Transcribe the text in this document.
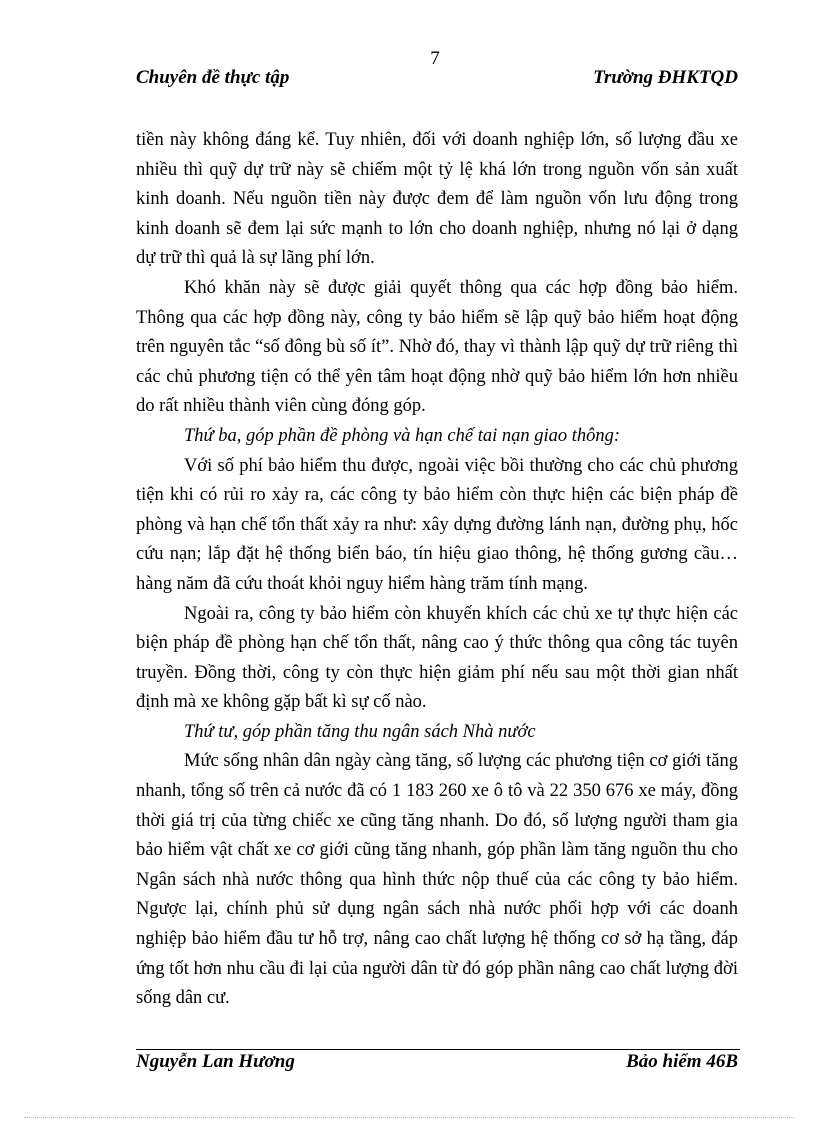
7
Chuyên đề thực tập	Trường ĐHKTQD

tiền này không đáng kể. Tuy nhiên, đối với doanh nghiệp lớn, số lượng đầu xe nhiều thì quỹ dự trữ này sẽ chiếm một tỷ lệ khá lớn trong nguồn vốn sản xuất kinh doanh. Nếu nguồn tiền này được đem để làm nguồn vốn lưu động trong kinh doanh sẽ đem lại sức mạnh to lớn cho doanh nghiệp, nhưng nó lại ở dạng dự trữ thì quả là sự lãng phí lớn.

Khó khăn này sẽ được giải quyết thông qua các hợp đồng bảo hiểm. Thông qua các hợp đồng này, công ty bảo hiểm sẽ lập quỹ bảo hiểm hoạt động trên nguyên tắc “số đông bù số ít”. Nhờ đó, thay vì thành lập quỹ dự trữ riêng thì các chủ phương tiện có thể yên tâm hoạt động nhờ quỹ bảo hiểm lớn hơn nhiều do rất nhiều thành viên cùng đóng góp.

Thứ ba, góp phần đề phòng và hạn chế tai nạn giao thông:

Với số phí bảo hiểm thu được, ngoài việc bồi thường cho các chủ phương tiện khi có rủi ro xảy ra, các công ty bảo hiểm còn thực hiện các biện pháp đề phòng và hạn chế tổn thất xảy ra như: xây dựng đường lánh nạn, đường phụ, hốc cứu nạn; lắp đặt hệ thống biển báo, tín hiệu giao thông, hệ thống gương cầu… hàng năm đã cứu thoát khỏi nguy hiểm hàng trăm tính mạng.

Ngoài ra, công ty bảo hiểm còn khuyến khích các chủ xe tự thực hiện các biện pháp đề phòng hạn chế tổn thất, nâng cao ý thức thông qua công tác tuyên truyền. Đồng thời, công ty còn thực hiện giảm phí nếu sau một thời gian nhất định mà xe không gặp bất kì sự cố nào.

Thứ tư, góp phần tăng thu ngân sách Nhà nước

Mức sống nhân dân ngày càng tăng, số lượng các phương tiện cơ giới tăng nhanh, tổng số trên cả nước đã có 1 183 260 xe ô tô và 22 350 676 xe máy, đồng thời giá trị của từng chiếc xe cũng tăng nhanh. Do đó, số lượng người tham gia bảo hiểm vật chất xe cơ giới cũng tăng nhanh, góp phần làm tăng nguồn thu cho Ngân sách nhà nước thông qua hình thức nộp thuế của các công ty bảo hiểm. Ngược lại, chính phủ sử dụng ngân sách nhà nước phối hợp với các doanh nghiệp bảo hiểm đầu tư hỗ trợ, nâng cao chất lượng hệ thống cơ sở hạ tầng, đáp ứng tốt hơn nhu cầu đi lại của người dân từ đó góp phần nâng cao chất lượng đời sống dân cư.

Nguyễn Lan Hương	Bảo hiểm 46B
